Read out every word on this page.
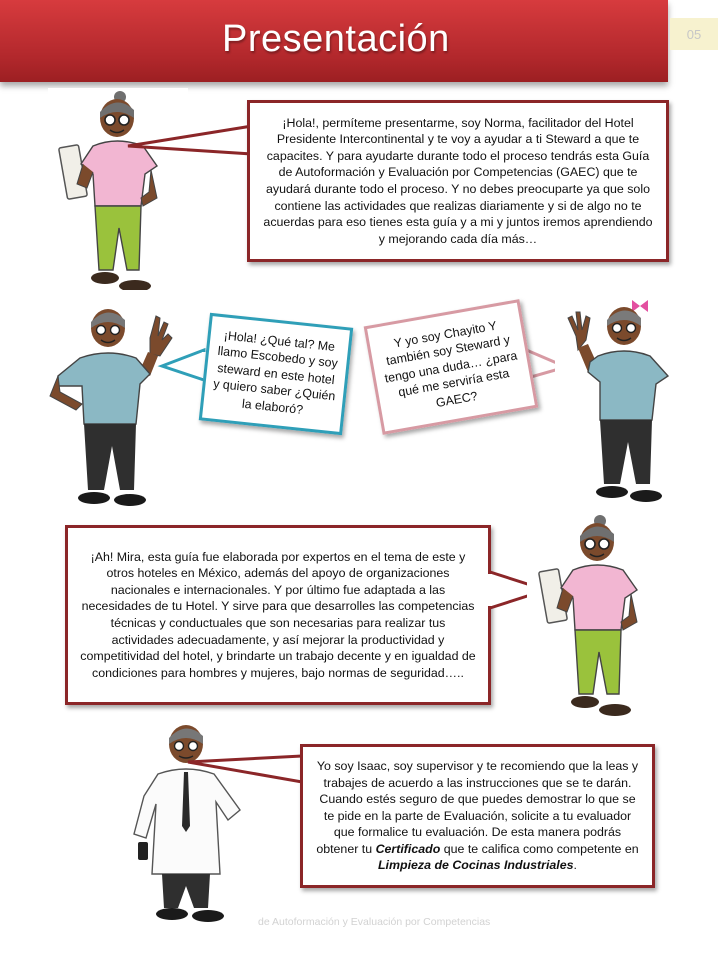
Presentación	05
¡Hola!, permíteme presentarme, soy Norma, facilitador del Hotel Presidente Intercontinental y te voy a ayudar a ti Steward a que te capacites. Y para ayudarte durante todo el proceso tendrás esta Guía de Autoformación y Evaluación por Competencias (GAEC) que te ayudará durante todo el proceso. Y no debes preocuparte ya que solo contiene las actividades que realizas diariamente y si de algo no te acuerdas para eso tienes esta guía y a mi y juntos iremos aprendiendo y mejorando cada día más…
¡Hola! ¿Qué tal? Me llamo Escobedo y soy steward en este hotel y quiero saber ¿Quién la elaboró?
Y yo soy Chayito Y también soy Steward y tengo una duda… ¿para qué me serviría esta GAEC?
¡Ah! Mira, esta guía fue elaborada por expertos en el tema de este y otros hoteles en México, además del apoyo de organizaciones nacionales e internacionales. Y por último fue adaptada a las necesidades de tu Hotel. Y sirve para que desarrolles las competencias técnicas y conductuales que son necesarias para realizar tus actividades adecuadamente, y así mejorar la productividad y competitividad del hotel, y brindarte un trabajo decente y en igualdad de condiciones para hombres y mujeres, bajo normas de seguridad…..
Yo soy Isaac, soy supervisor y te recomiendo que la leas y trabajes de acuerdo a las instrucciones que se te darán. Cuando estés seguro de que puedes demostrar lo que se te pide en la parte de Evaluación, solicite a tu evaluador que formalice tu evaluación. De esta manera podrás obtener tu Certificado que te califica como competente en Limpieza de Cocinas Industriales.
de Autoformación y Evaluación por Competencias
